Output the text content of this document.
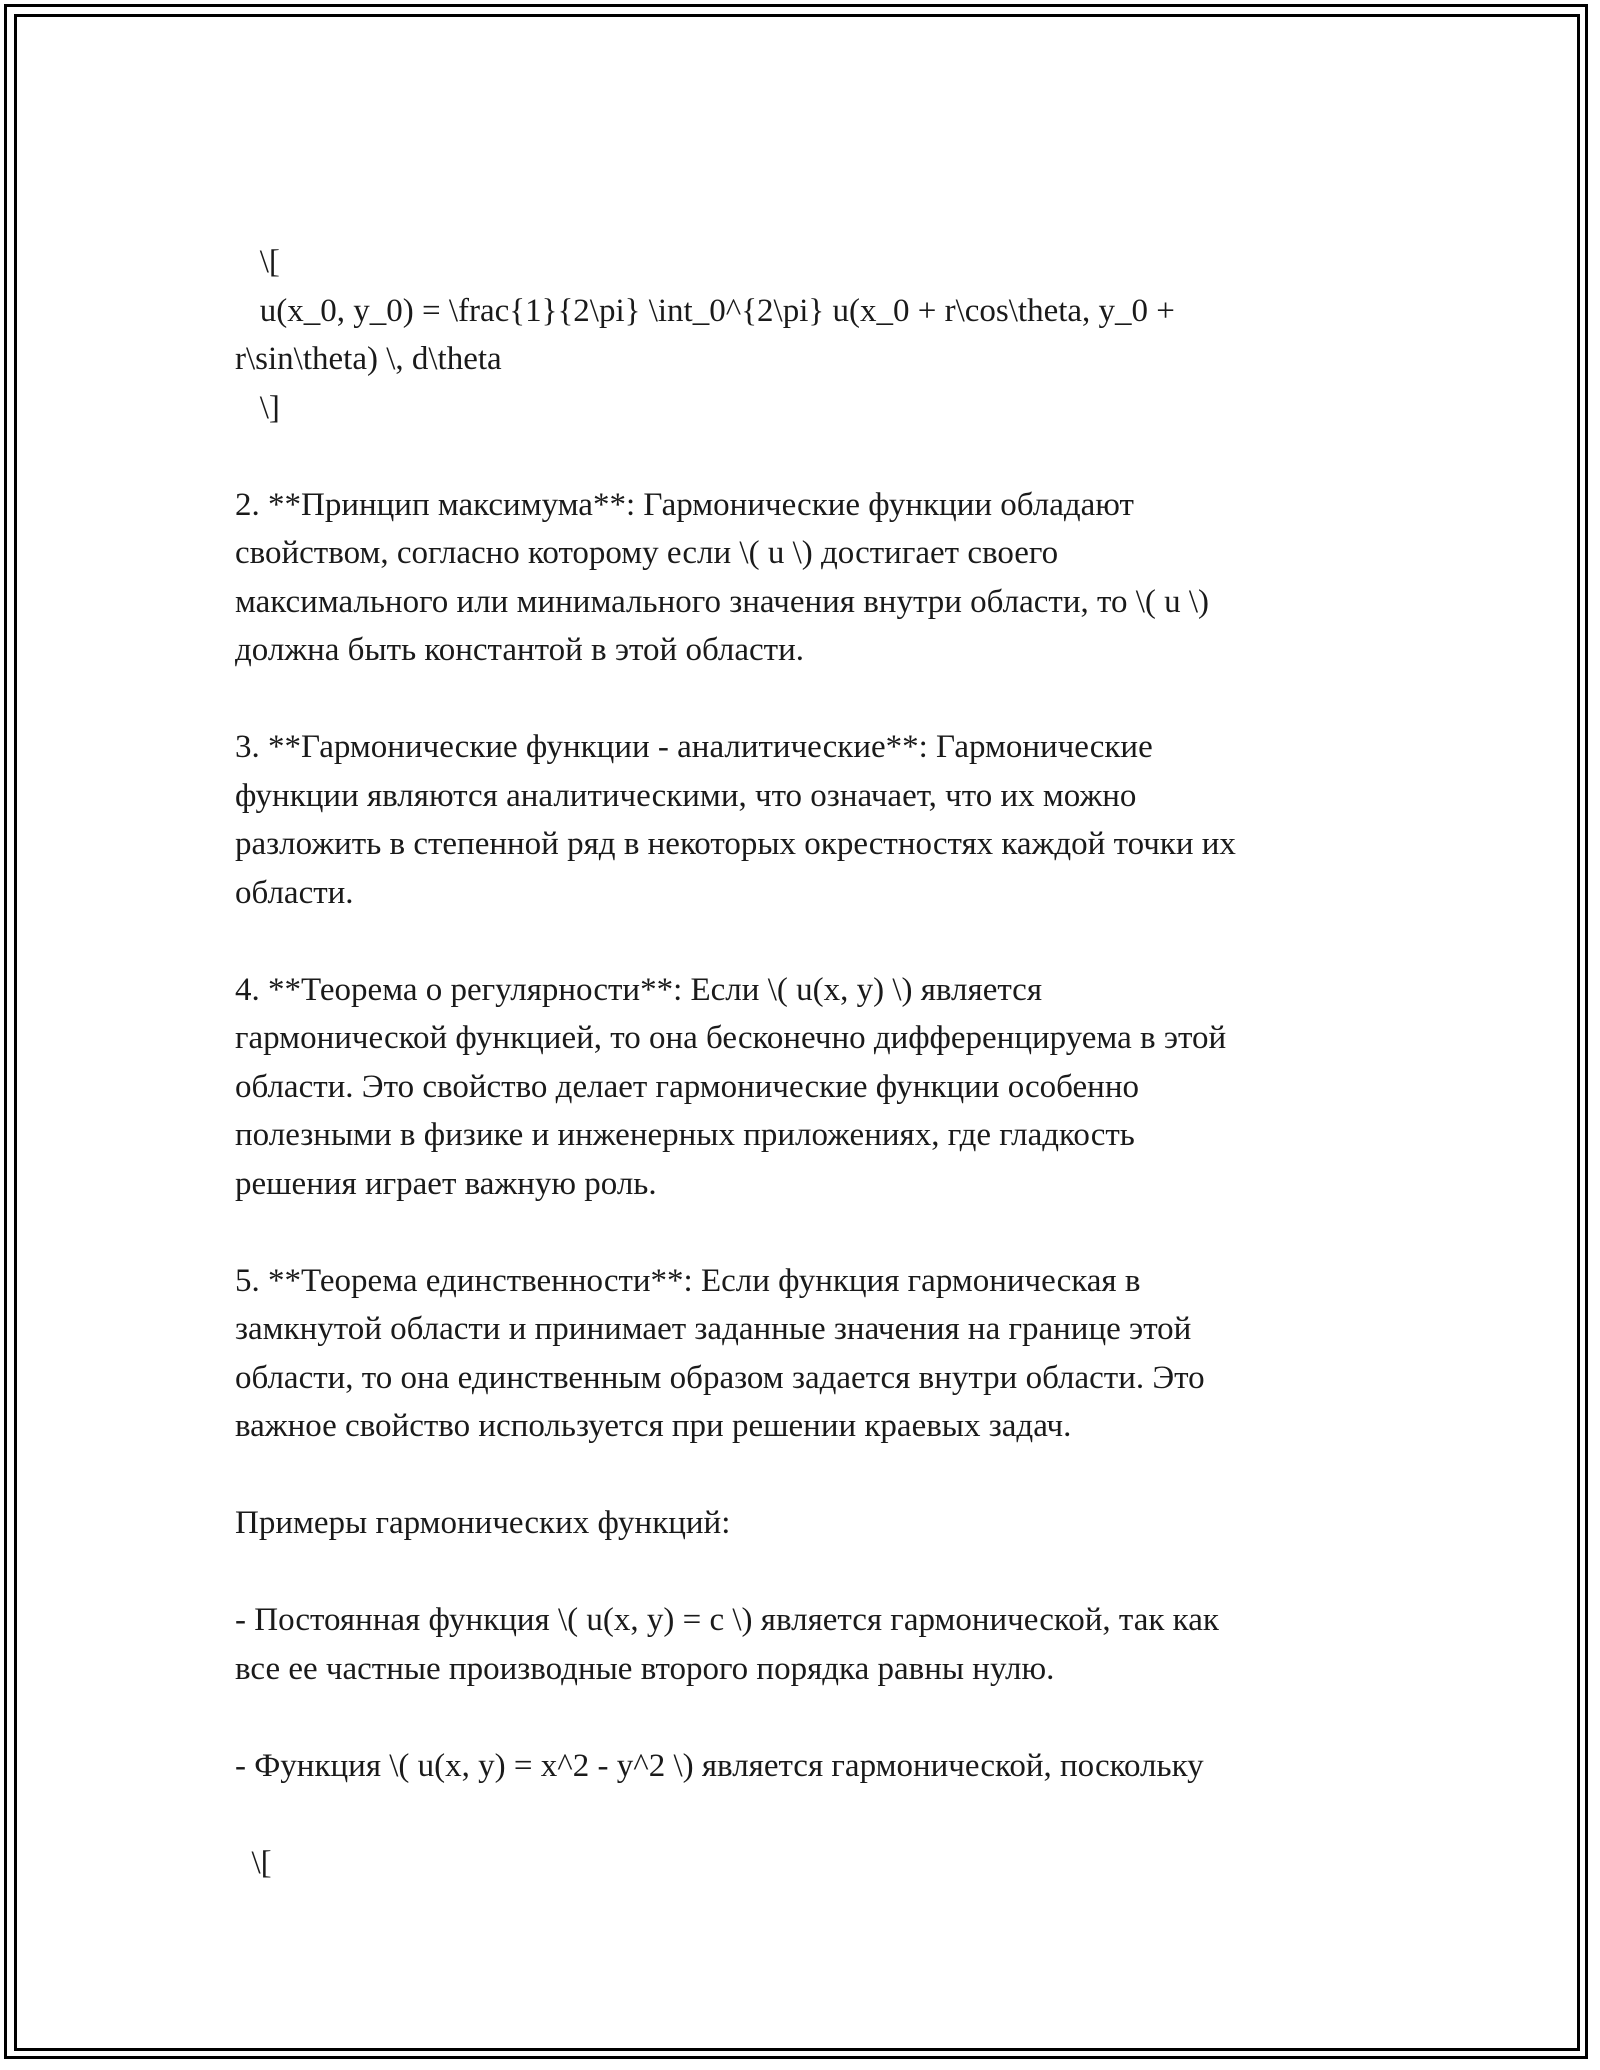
\[
u(x_0, y_0) = \frac{1}{2\pi} \int_0^{2\pi} u(x_0 + r\cos\theta, y_0 +
r\sin\theta) \, d\theta
\]
2. **Принцип максимума**: Гармонические функции обладают
свойством, согласно которому если \( u \) достигает своего
максимального или минимального значения внутри области, то \( u \)
должна быть константой в этой области.
3. **Гармонические функции - аналитические**: Гармонические
функции являются аналитическими, что означает, что их можно
разложить в степенной ряд в некоторых окрестностях каждой точки их
области.
4. **Теорема о регулярности**: Если \( u(x, y) \) является
гармонической функцией, то она бесконечно дифференцируема в этой
области. Это свойство делает гармонические функции особенно
полезными в физике и инженерных приложениях, где гладкость
решения играет важную роль.
5. **Теорема единственности**: Если функция гармоническая в
замкнутой области и принимает заданные значения на границе этой
области, то она единственным образом задается внутри области. Это
важное свойство используется при решении краевых задач.
Примеры гармонических функций:
- Постоянная функция \( u(x, y) = c \) является гармонической, так как
все ее частные производные второго порядка равны нулю.
- Функция \( u(x, y) = x^2 - y^2 \) является гармонической, поскольку
\[
